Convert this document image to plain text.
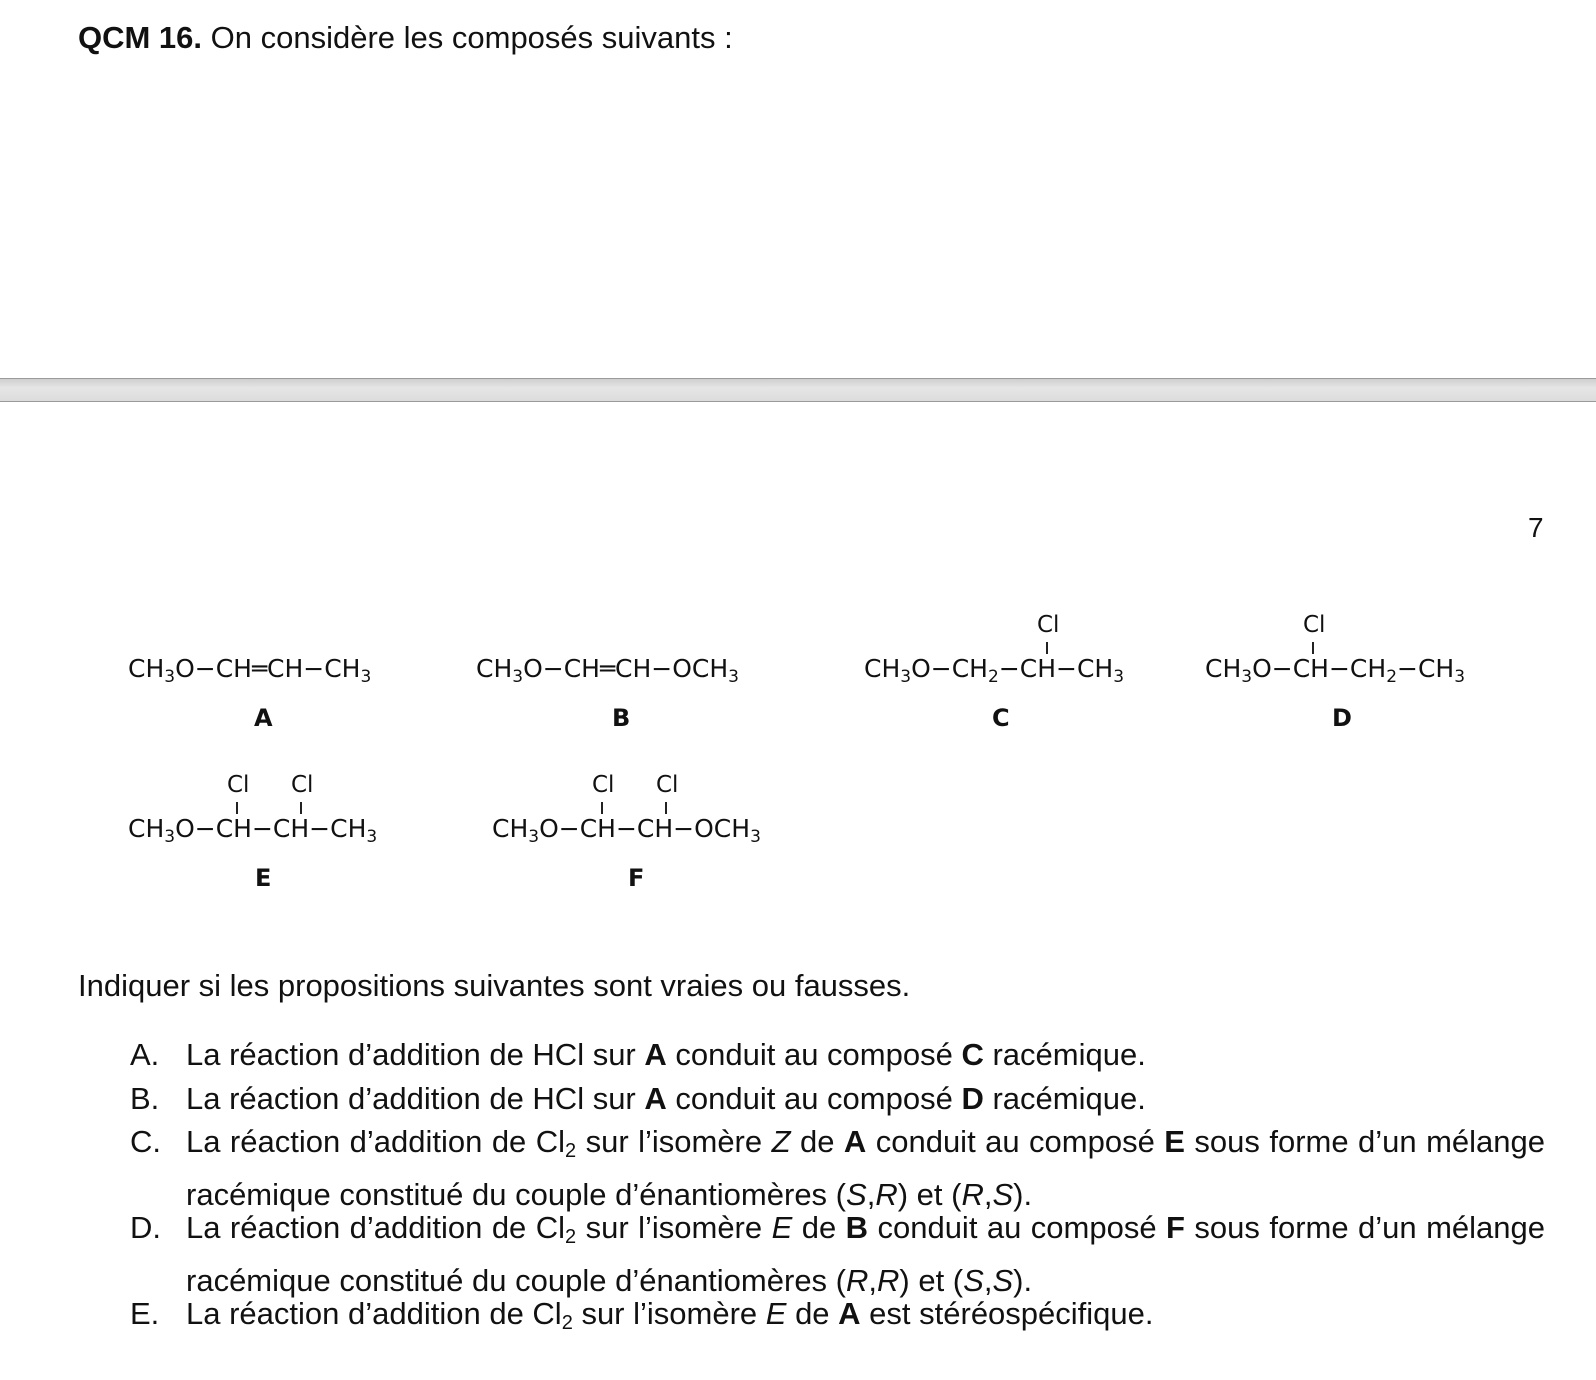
QCM 16. On considère les composés suivants :
7
$CH_3O-CH═CH-CH_3$
A
$CH_3O-CH═CH-OCH_3$
B
Cl
$CH_3O-CH_2-CH-CH_3$
C
Cl
$CH_3O-CH-CH_2-CH_3$
D
Cl Cl
$CH_3O-CH-CH-CH_3$
E
Cl Cl
$CH_3O-CH-CH-OCH_3$
F
Indiquer si les propositions suivantes sont vraies ou fausses.
A. La réaction d’addition de HCl sur A conduit au composé C racémique.
B. La réaction d’addition de HCl sur A conduit au composé D racémique.
C. La réaction d’addition de $Cl_2$ sur l’isomère Z de A conduit au composé E sous forme d’un mélange racémique constitué du couple d’énantiomères (S,R) et (R,S).
D. La réaction d’addition de $Cl_2$ sur l’isomère E de B conduit au composé F sous forme d’un mélange racémique constitué du couple d’énantiomères (R,R) et (S,S).
E. La réaction d’addition de $Cl_2$ sur l’isomère E de A est stéréospécifique.
